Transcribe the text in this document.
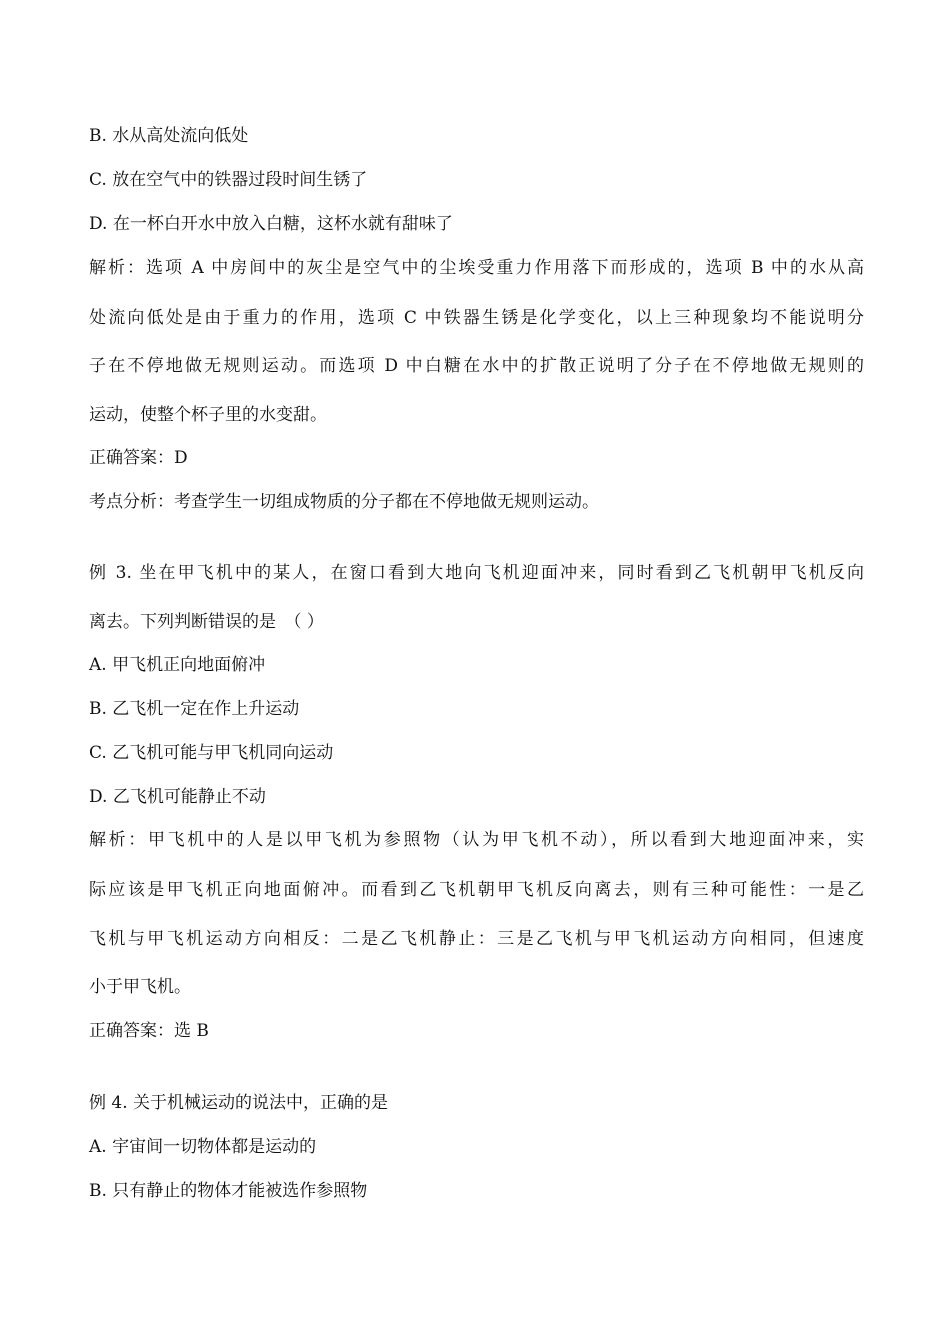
B. 水从高处流向低处

C. 放在空气中的铁器过段时间生锈了

D. 在一杯白开水中放入白糖，这杯水就有甜味了

解析：选项 A 中房间中的灰尘是空气中的尘埃受重力作用落下而形成的，选项 B 中的水从高

处流向低处是由于重力的作用，选项 C 中铁器生锈是化学变化，以上三种现象均不能说明分

子在不停地做无规则运动。而选项 D 中白糖在水中的扩散正说明了分子在不停地做无规则的

运动，使整个杯子里的水变甜。

正确答案：D

考点分析：考查学生一切组成物质的分子都在不停地做无规则运动。

例 3. 坐在甲飞机中的某人，在窗口看到大地向飞机迎面冲来，同时看到乙飞机朝甲飞机反向

离去。下列判断错误的是　（ ）

A. 甲飞机正向地面俯冲

B. 乙飞机一定在作上升运动

C. 乙飞机可能与甲飞机同向运动

D. 乙飞机可能静止不动

解析：甲飞机中的人是以甲飞机为参照物（认为甲飞机不动），所以看到大地迎面冲来，实

际应该是甲飞机正向地面俯冲。而看到乙飞机朝甲飞机反向离去，则有三种可能性：一是乙

飞机与甲飞机运动方向相反：二是乙飞机静止：三是乙飞机与甲飞机运动方向相同，但速度

小于甲飞机。

正确答案：选 B

例 4. 关于机械运动的说法中，正确的是

A. 宇宙间一切物体都是运动的

B. 只有静止的物体才能被选作参照物
